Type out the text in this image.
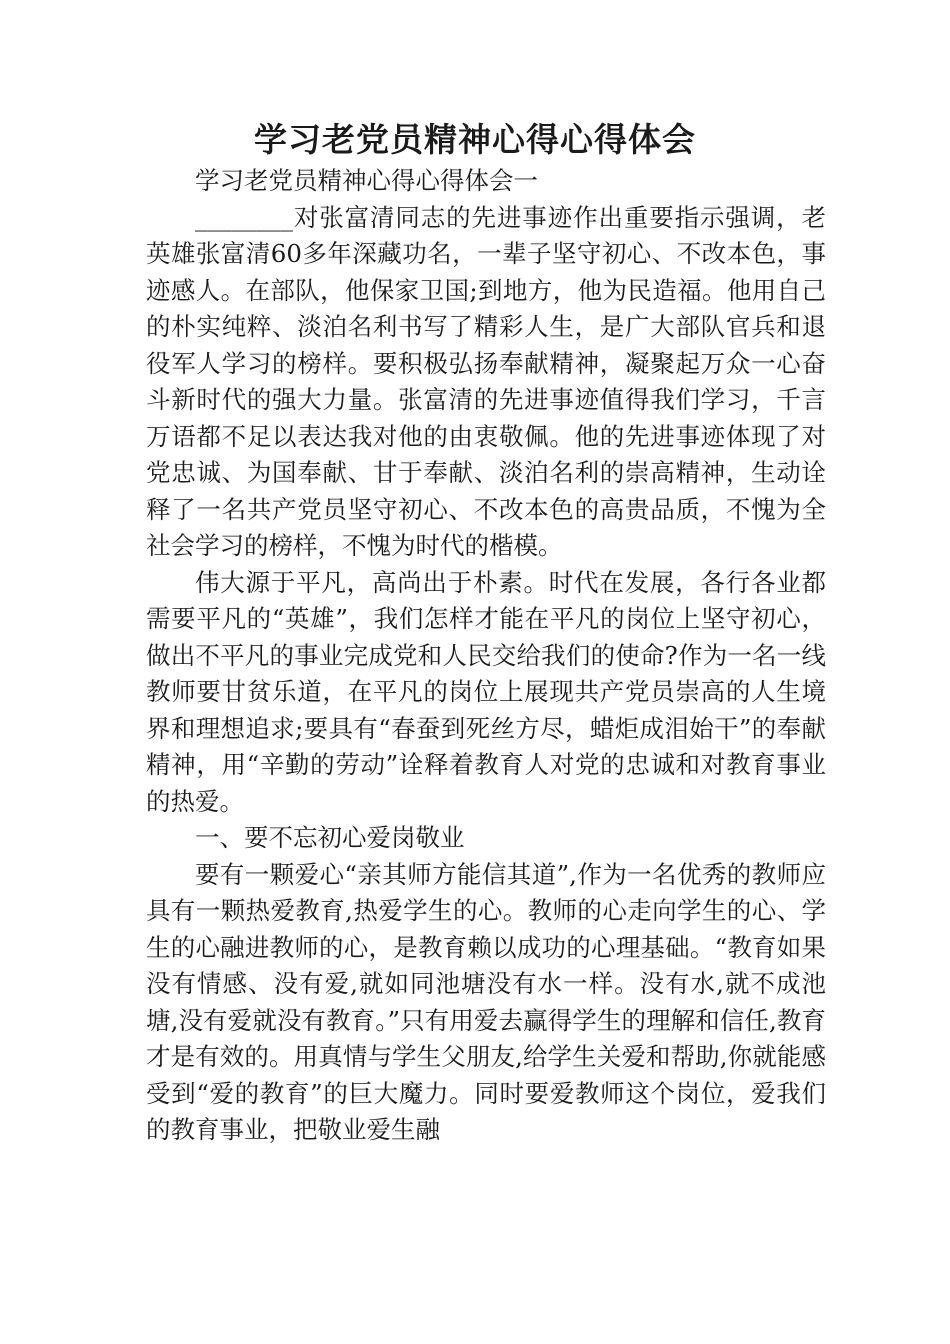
学习老党员精神心得心得体会

学习老党员精神心得心得体会一

________对张富清同志的先进事迹作出重要指示强调，老英雄张富清60多年深藏功名，一辈子坚守初心、不改本色，事迹感人。在部队，他保家卫国;到地方，他为民造福。他用自己的朴实纯粹、淡泊名利书写了精彩人生，是广大部队官兵和退役军人学习的榜样。要积极弘扬奉献精神，凝聚起万众一心奋斗新时代的强大力量。张富清的先进事迹值得我们学习，千言万语都不足以表达我对他的由衷敬佩。他的先进事迹体现了对党忠诚、为国奉献、甘于奉献、淡泊名利的崇高精神，生动诠释了一名共产党员坚守初心、不改本色的高贵品质，不愧为全社会学习的榜样，不愧为时代的楷模。

伟大源于平凡，高尚出于朴素。时代在发展，各行各业都需要平凡的“英雄”，我们怎样才能在平凡的岗位上坚守初心，做出不平凡的事业完成党和人民交给我们的使命?作为一名一线教师要甘贫乐道，在平凡的岗位上展现共产党员崇高的人生境界和理想追求;要具有“春蚕到死丝方尽，蜡炬成泪始干”的奉献精神，用“辛勤的劳动”诠释着教育人对党的忠诚和对教育事业的热爱。

一、要不忘初心爱岗敬业

要有一颗爱心“亲其师方能信其道”,作为一名优秀的教师应具有一颗热爱教育,热爱学生的心。教师的心走向学生的心、学生的心融进教师的心，是教育赖以成功的心理基础。“教育如果没有情感、没有爱,就如同池塘没有水一样。没有水,就不成池塘,没有爱就没有教育。”只有用爱去赢得学生的理解和信任,教育才是有效的。用真情与学生父朋友,给学生关爱和帮助,你就能感受到“爱的教育”的巨大魔力。同时要爱教师这个岗位，爱我们的教育事业，把敬业爱生融
